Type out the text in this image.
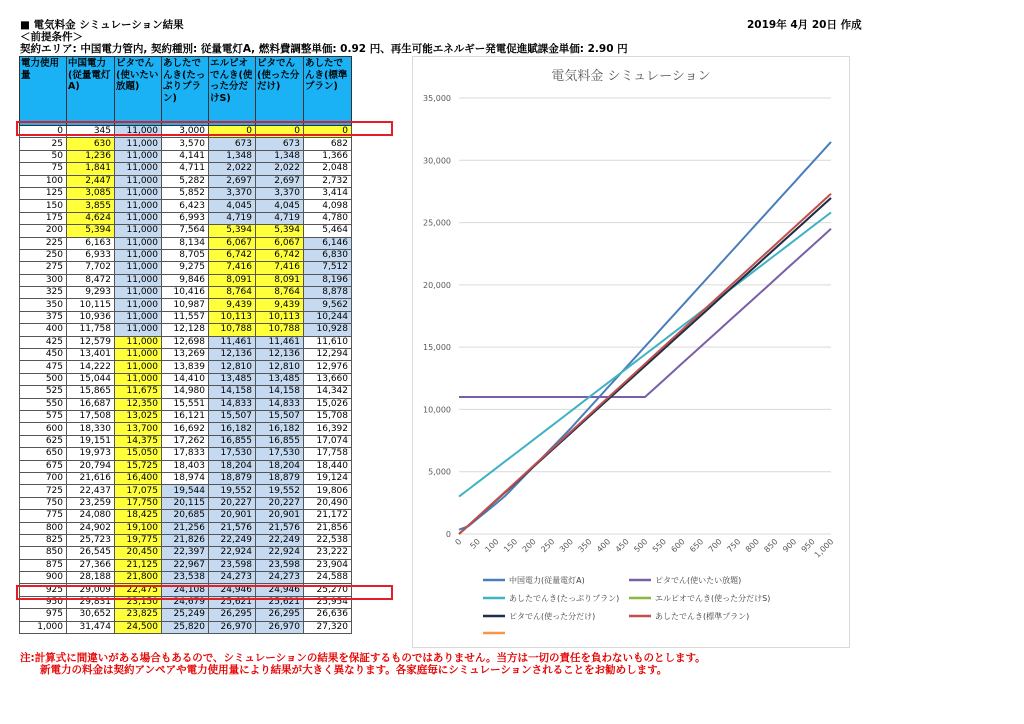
■ 電気料金 シミュレーション結果	2019年 4月 20日 作成
＜前提条件＞
契約エリア: 中国電力管内, 契約種別: 従量電灯A, 燃料費調整単価: 0.92 円、再生可能エネルギー発電促進賦課金単価: 2.90 円
電力使用量	中国電力(従量電灯A)	ピタでん(使いたい放題)	あしたでんき(たっぷりプラン)	エルピオでんき(使った分だけS)	ピタでん(使った分だけ)	あしたでんき(標準プラン)
0	345	11,000	3,000	0	0	0
25	630	11,000	3,570	673	673	682
50	1,236	11,000	4,141	1,348	1,348	1,366
75	1,841	11,000	4,711	2,022	2,022	2,048
100	2,447	11,000	5,282	2,697	2,697	2,732
125	3,085	11,000	5,852	3,370	3,370	3,414
150	3,855	11,000	6,423	4,045	4,045	4,098
175	4,624	11,000	6,993	4,719	4,719	4,780
200	5,394	11,000	7,564	5,394	5,394	5,464
225	6,163	11,000	8,134	6,067	6,067	6,146
250	6,933	11,000	8,705	6,742	6,742	6,830
275	7,702	11,000	9,275	7,416	7,416	7,512
300	8,472	11,000	9,846	8,091	8,091	8,196
325	9,293	11,000	10,416	8,764	8,764	8,878
350	10,115	11,000	10,987	9,439	9,439	9,562
375	10,936	11,000	11,557	10,113	10,113	10,244
400	11,758	11,000	12,128	10,788	10,788	10,928
425	12,579	11,000	12,698	11,461	11,461	11,610
450	13,401	11,000	13,269	12,136	12,136	12,294
475	14,222	11,000	13,839	12,810	12,810	12,976
500	15,044	11,000	14,410	13,485	13,485	13,660
525	15,865	11,675	14,980	14,158	14,158	14,342
550	16,687	12,350	15,551	14,833	14,833	15,026
575	17,508	13,025	16,121	15,507	15,507	15,708
600	18,330	13,700	16,692	16,182	16,182	16,392
625	19,151	14,375	17,262	16,855	16,855	17,074
650	19,973	15,050	17,833	17,530	17,530	17,758
675	20,794	15,725	18,403	18,204	18,204	18,440
700	21,616	16,400	18,974	18,879	18,879	19,124
725	22,437	17,075	19,544	19,552	19,552	19,806
750	23,259	17,750	20,115	20,227	20,227	20,490
775	24,080	18,425	20,685	20,901	20,901	21,172
800	24,902	19,100	21,256	21,576	21,576	21,856
825	25,723	19,775	21,826	22,249	22,249	22,538
850	26,545	20,450	22,397	22,924	22,924	23,222
875	27,366	21,125	22,967	23,598	23,598	23,904
900	28,188	21,800	23,538	24,273	24,273	24,588
925	29,009	22,475	24,108	24,946	24,946	25,270
950	29,831	23,150	24,679	25,621	25,621	25,954
975	30,652	23,825	25,249	26,295	26,295	26,636
1,000	31,474	24,500	25,820	26,970	26,970	27,320
電気料金 シミュレーション
0
5,000
10,000
15,000
20,000
25,000
30,000
35,000
0 50 100 150 200 250 300 350 400 450 500 550 600 650 700 750 800 850 900 950
1,000
中国電力(従量電灯A)	ピタでん(使いたい放題)
あしたでんき(たっぷりプラン)	エルピオでんき(使った分だけS)
ピタでん(使った分だけ)	あしたでんき(標準プラン)
注:計算式に間違いがある場合もあるので、シミュレーションの結果を保証するものではありません。当方は一切の責任を負わないものとします。
新電力の料金は契約アンペアや電力使用量により結果が大きく異なります。各家庭毎にシミュレーションされることをお勧めします。
